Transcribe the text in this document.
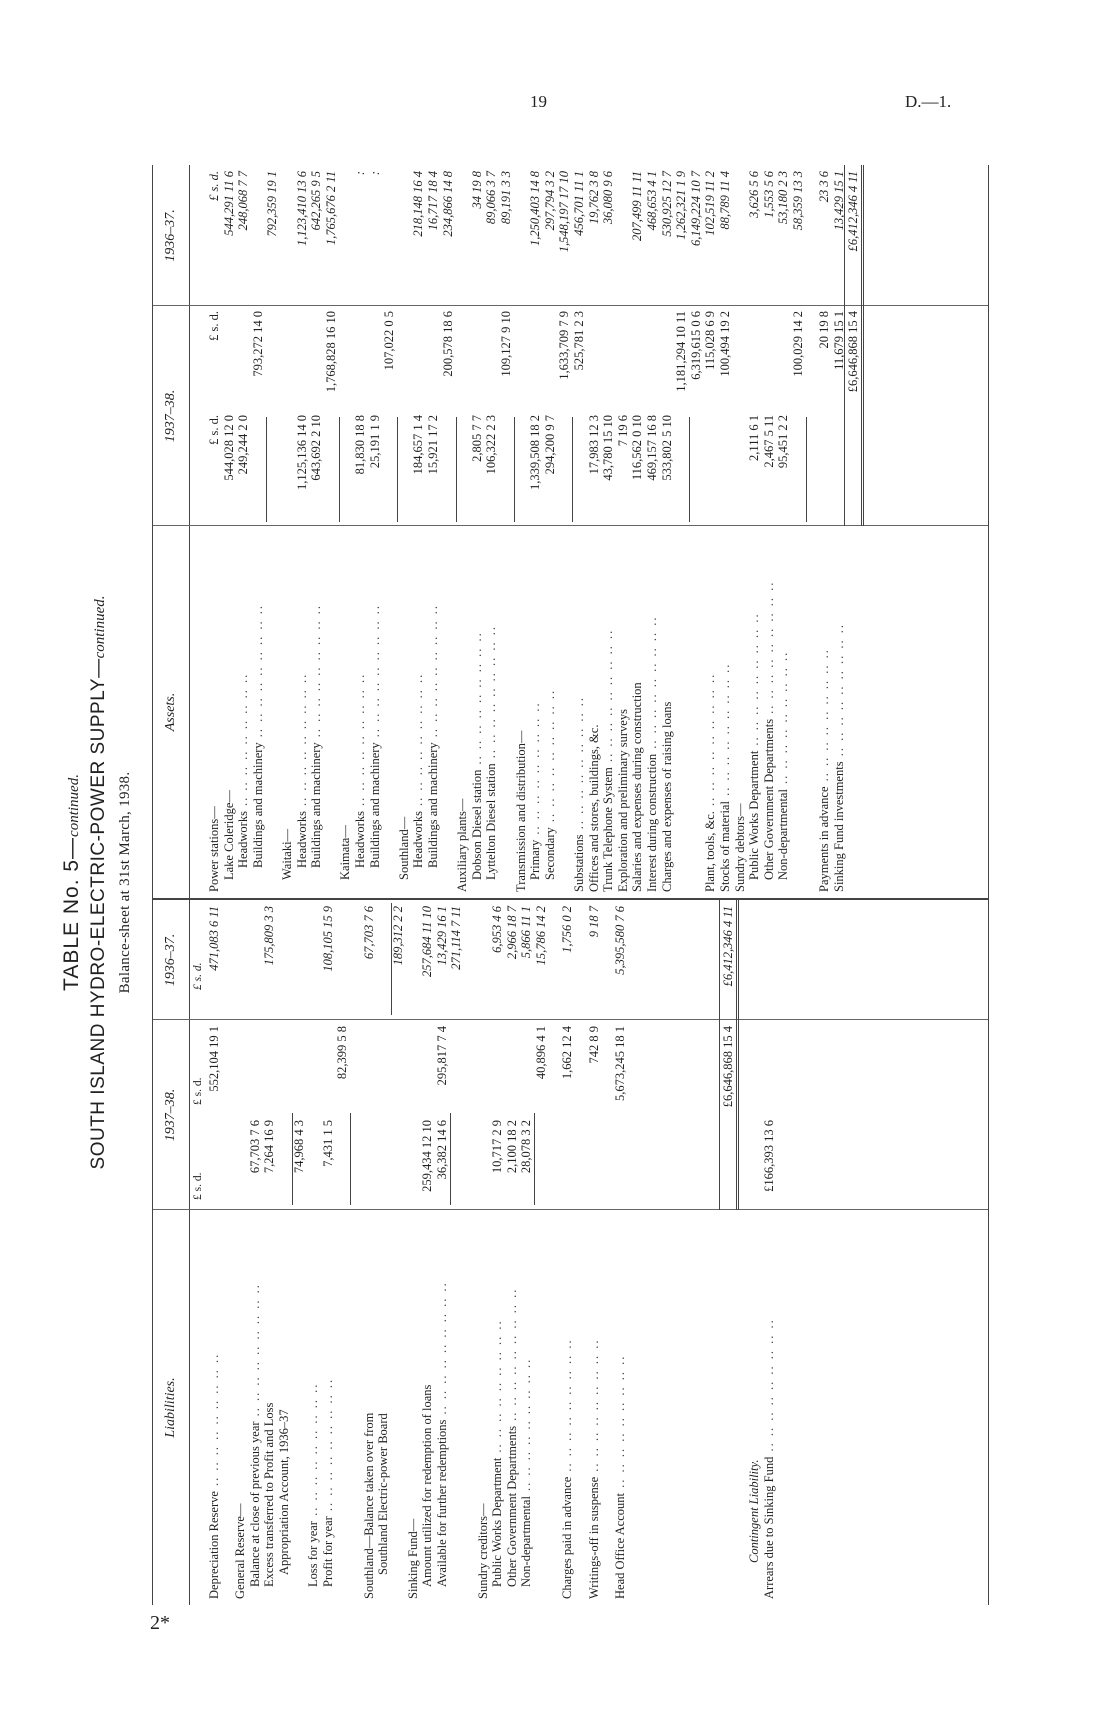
19	D.—1.
2*
TABLE No. 5—continued. SOUTH ISLAND HYDRO-ELECTRIC-POWER SUPPLY—continued.
Balance-sheet at 31st March, 1938.
Liabilities.
1937–38.
1936–37.
£ s. d.
£ s. d.
£ s. d.
Depreciation Reserve .. .. .. .. .. .. .. .. ..
552,104 19 1
471,083 6 11
General Reserve— Balance at close of previous year .. .. .. .. .. .. .. .. ..
67,703 7 6
Excess transferred to Profit and Loss
7,264 16 9
175,809 3 3
Appropriation Account, 1936–37
74,968 4 3
Loss for year .. .. .. .. .. .. .. .. ..
Profit for year .. .. .. .. .. .. .. .. ..
7,431 1 5
108,105 15 9
82,399 5 8
Southland—Balance taken over from
67,703 7 6
Southland Electric-power Board
189,312 2 2
Sinking Fund— Amount utilized for redemption of loans
259,434 12 10
257,684 11 10
Available for further redemptions .. .. .. .. .. .. .. .. ..
36,382 14 6
295,817 7 4
13,429 16 1 271,114 7 11
Sundry creditors— Public Works Department .. .. .. .. .. .. .. .. ..
10,717 2 9
6,953 4 6
Other Government Departments .. .. .. .. .. .. .. .. ..
2,100 18 2
2,966 18 7
Non-departmental .. .. .. .. .. .. .. .. ..
28,078 3 2
5,866 11 1
40,896 4 1
15,786 14 2
Charges paid in advance .. .. .. .. .. .. .. .. ..
1,662 12 4
1,756 0 2
Writings-off in suspense .. .. .. .. .. .. .. .. ..
742 8 9
9 18 7
Head Office Account .. .. .. .. .. .. .. .. ..
5,673,245 18 1
5,395,580 7 6
£6,646,868 15 4
£6,412,346 4 11
Contingent Liability. Arrears due to Sinking Fund .. .. .. .. .. .. .. .. ..
£166,393 13 6
Assets.
1937–38.
1936–37.
Power stations—
£ s. d.
£ s. d.
£ s. d.
Lake Coleridge—
544,028 12 0
544,291 11 6
Headworks .. .. .. .. .. .. .. .. ..
249,244 2 0
248,068 7 7
Buildings and machinery .. .. .. .. .. .. .. .. ..
793,272 14 0
792,359 19 1
Waitaki— Headworks .. .. .. .. .. .. .. .. ..
1,125,136 14 0
1,123,410 13 6
Buildings and machinery .. .. .. .. .. .. .. .. ..
643,692 2 10
642,265 9 5
1,768,828 16 10
1,765,676 2 11
Kaimata— Headworks .. .. .. .. .. .. .. .. ..
81,830 18 8
:
Buildings and machinery .. .. .. .. .. .. .. .. ..
25,191 1 9
:
107,022 0 5
Southland— Headworks .. .. .. .. .. .. .. .. ..
184,657 1 4
218,148 16 4
Buildings and machinery .. .. .. .. .. .. .. .. ..
15,921 17 2
16,717 18 4
200,578 18 6
234,866 14 8
Auxiliary plants— Dobson Diesel station .. .. .. .. .. .. .. .. ..
2,805 7 7
34 19 8
Lyttelton Diesel station .. .. .. .. .. .. .. .. ..
106,322 2 3
89,066 3 7
109,127 9 10
89,191 3 3
Transmission and distribution— Primary .. .. .. .. .. .. .. .. ..
1,339,508 18 2
1,250,403 14 8
Secondary .. .. .. .. .. .. .. .. ..
294,200 9 7
297,794 3 2
1,633,709 7 9
1,548,197 17 10
Substations .. .. .. .. .. .. .. .. ..
525,781 2 3
456,701 11 1
Offices and stores, buildings, &c.
17,983 12 3
19,762 3 8
Trunk Telephone System .. .. .. .. .. .. .. .. ..
43,780 15 10
36,080 9 6
Exploration and preliminary surveys
7 19 6
Salaries and expenses during construction
116,562 0 10
207,499 11 11
Interest during construction .. .. .. .. .. .. .. .. ..
469,157 16 8
468,653 4 1
Charges and expenses of raising loans
533,802 5 10
530,925 12 7
1,181,294 10 11
1,262,321 1 9
6,319,615 0 6
6,149,224 10 7
Plant, tools, &c. .. .. .. .. .. .. .. .. ..
115,028 6 9
102,519 11 2
Stocks of material .. .. .. .. .. .. .. .. ..
100,494 19 2
88,789 11 4
Sundry debtors— Public Works Department .. .. .. .. .. .. .. .. ..
2,111 6 1
3,626 5 6
Other Government Departments .. .. .. .. .. .. .. .. ..
2,467 5 11
1,553 5 6
Non-departmental .. .. .. .. .. .. .. .. ..
95,451 2 2
53,180 2 3
100,029 14 2
58,359 13 3
Payments in advance .. .. .. .. .. .. .. .. ..
20 19 8
23 3 6
Sinking Fund investments .. .. .. .. .. .. .. .. ..
11,679 15 1
13,429 15 1
£6,646,868 15 4
£6,412,346 4 11
